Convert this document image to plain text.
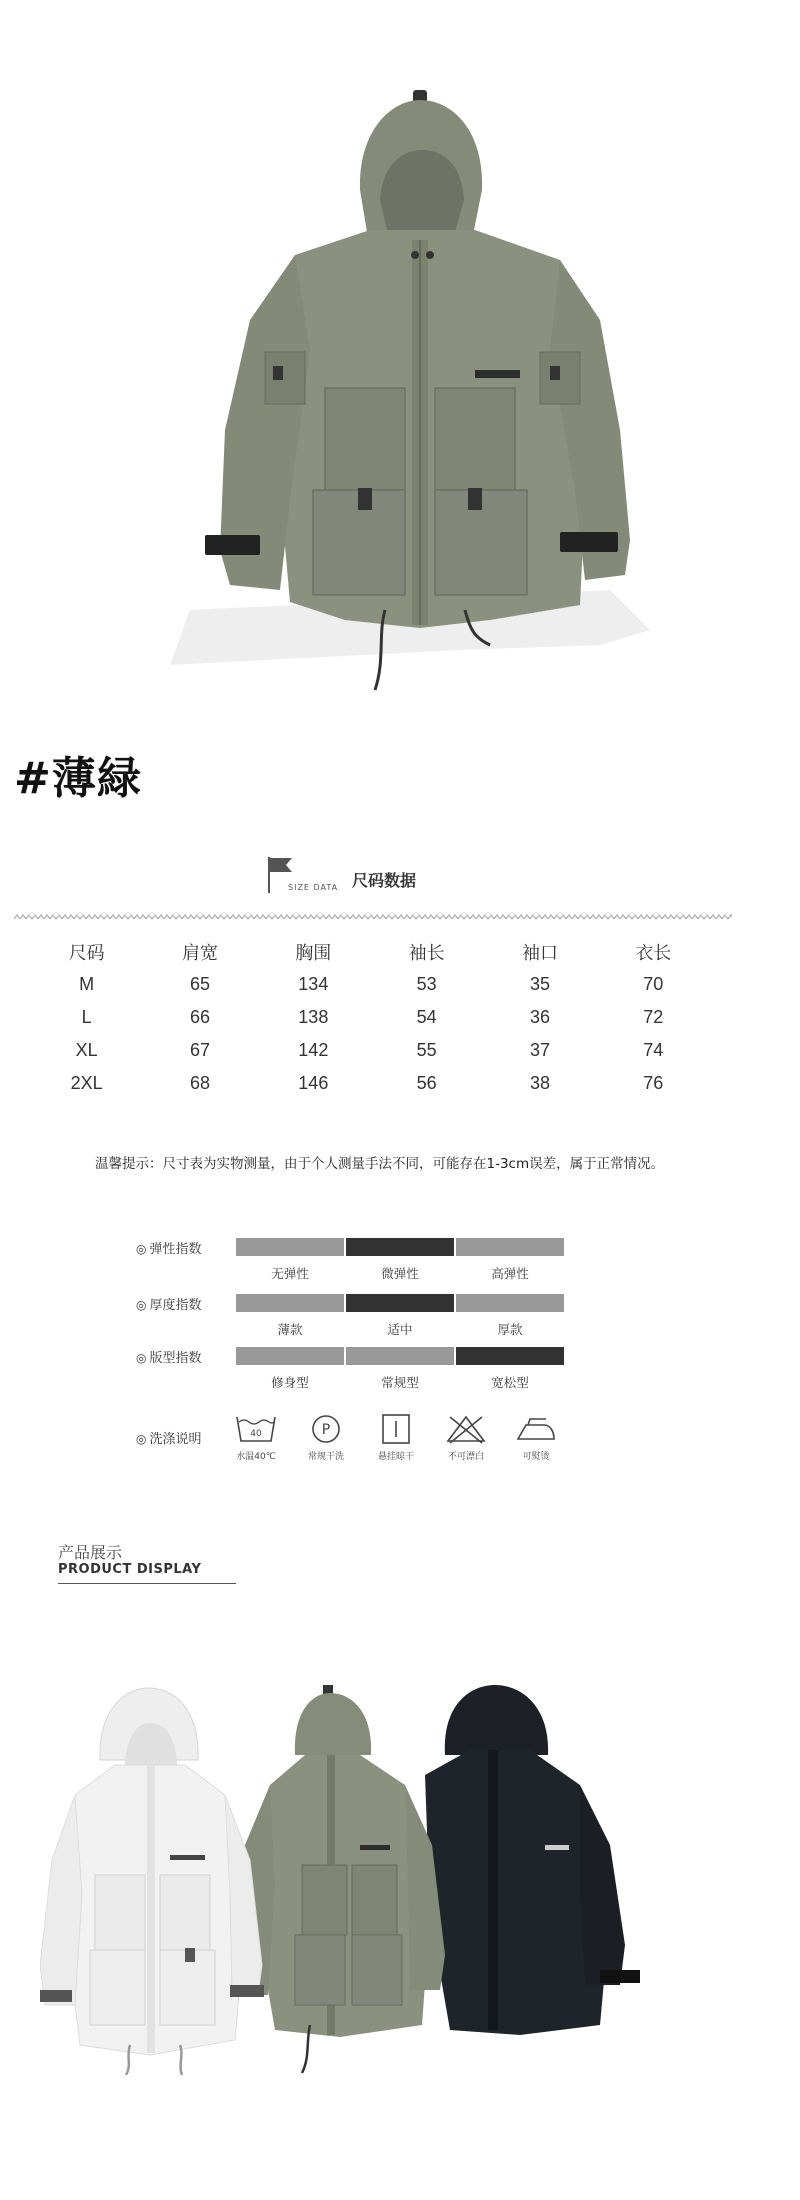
#薄緑
SIZE DATA 尺码数据
尺码	肩宽	胸围	袖长	袖口	衣长
M	65	134	53	35	70
L	66	138	54	36	72
XL	67	142	55	37	74
2XL	68	146	56	38	76
温馨提示：尺寸表为实物测量，由于个人测量手法不同，可能存在1-3cm误差，属于正常情况。
◎ 弹性指数
无弹性	微弹性	高弹性
◎ 厚度指数
薄款	适中	厚款
◎ 版型指数
修身型	常规型	宽松型
◎ 洗涤说明	40
水温40℃
P
常规干洗	悬挂晾干	不可漂白	可熨烫
产品展示
PRODUCT DISPLAY
